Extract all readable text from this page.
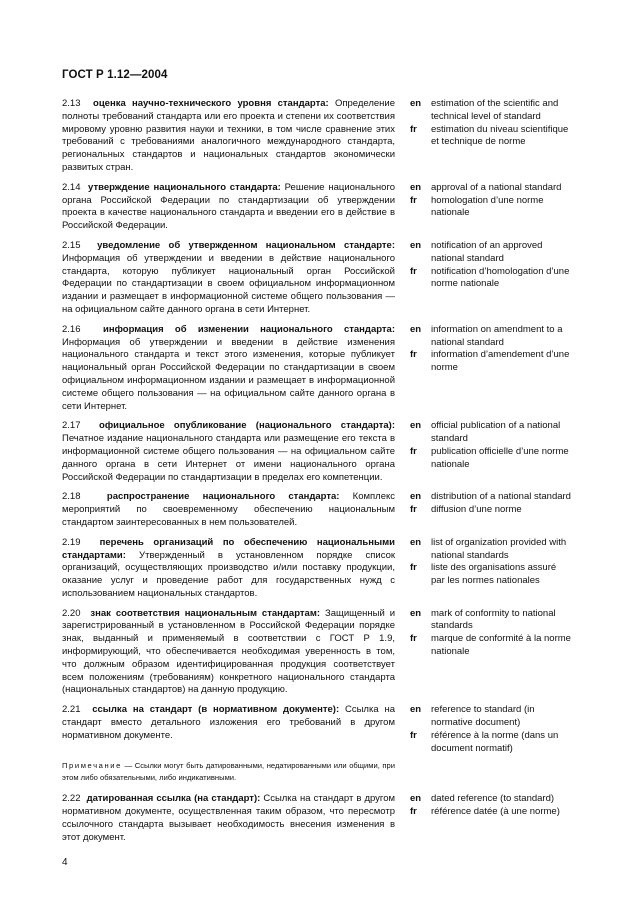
ГОСТ Р 1.12—2004
2.13 оценка научно-технического уровня стандарта: Определение полноты требований стандарта или его проекта и степени их соответствия мировому уровню развития науки и техники, в том числе сравнение этих требований с требованиями аналогичного международного стандарта, региональных стандартов и национальных стандартов экономически развитых стран.
en	estimation of the scientific and technical level of standard
fr	estimation du niveau scientifique et technique de norme
2.14 утверждение национального стандарта: Решение национального органа Российской Федерации по стандартизации об утверждении проекта в качестве национального стандарта и введении его в действие в Российской Федерации.
en	approval of a national standard
fr	homologation d’une norme nationale
2.15 уведомление об утвержденном национальном стандарте: Информация об утверждении и введении в действие национального стандарта, которую публикует национальный орган Российской Федерации по стандартизации в своем официальном информационном издании и размещает в информационной системе общего пользования — на официальном сайте данного органа в сети Интернет.
en	notification of an approved national standard
fr	notification d’homologation d’une norme nationale
2.16 информация об изменении национального стандарта: Информация об утверждении и введении в действие изменения национального стандарта и текст этого изменения, которые публикует национальный орган Российской Федерации по стандартизации в своем официальном информационном издании и размещает в информационной системе общего пользования — на официальном сайте данного органа в сети Интернет.
en	information on amendment to a national standard
fr	information d’amendement d’une norme
2.17 официальное опубликование (национального стандарта): Печатное издание национального стандарта или размещение его текста в информационной системе общего пользования — на официальном сайте данного органа в сети Интернет от имени национального органа Российской Федерации по стандартизации в пределах его компетенции.
en	official publication of a national standard
fr	publication officielle d’une norme nationale
2.18	распространение национального стандарта: Комплекс мероприятий по своевременному обеспечению национальным стандартом заинтересованных в нем пользователей.
en	distribution of a national standard
fr	diffusion d’une norme
2.19 перечень организаций по обеспечению национальными стандартами: Утвержденный в установленном порядке список организаций, осуществляющих производство и/или поставку продукции, оказание услуг и проведение работ для государственных нужд с использованием национальных стандартов.
en	list of organization provided with national standards
fr	liste des organisations assuré par les normes nationales
2.20 знак соответствия национальным стандартам: Защищенный и зарегистрированный в установленном в Российской Федерации порядке знак, выданный и применяемый в соответствии с ГОСТ Р 1.9, информирующий, что обеспечивается необходимая уверенность в том, что должным образом идентифицированная продукция соответствует всем положениям (требованиям) конкретного национального стандарта (национальных стандартов) на данную продукцию.
en	mark of conformity to national standards
fr	marque de conformité à la norme nationale
2.21 ссылка на стандарт (в нормативном документе): Ссылка на стандарт вместо детального изложения его требований в другом нормативном документе.
en	reference to standard (in normative document)
fr	référence à la norme (dans un document normatif)
Примечание — Ссылки могут быть датированными, недатированными или общими, при этом либо обязательными, либо индикативными.
2.22 датированная ссылка (на стандарт): Ссылка на стандарт в другом нормативном документе, осуществленная таким образом, что пересмотр ссылочного стандарта вызывает необходимость внесения изменения в этот документ.
en	dated reference (to standard)
fr	référence datée (à une norme)
4
